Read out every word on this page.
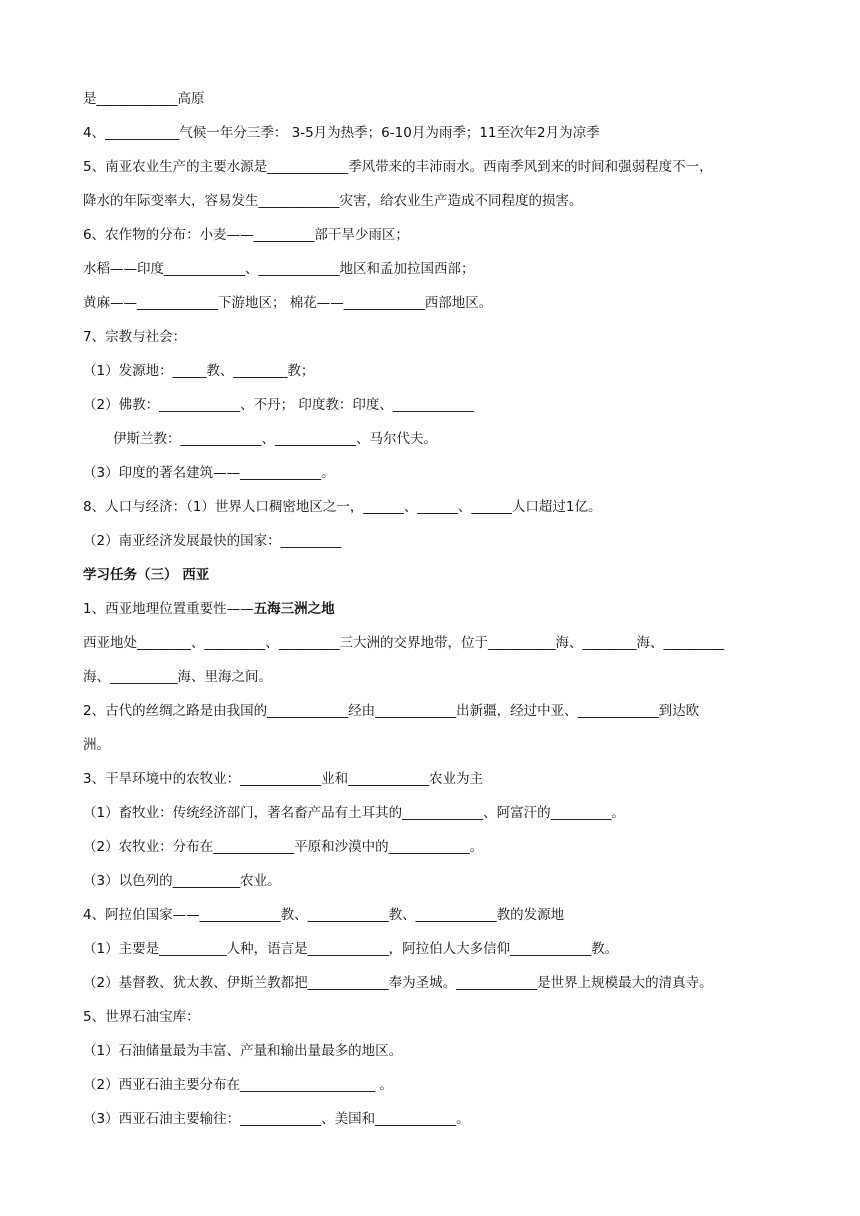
是____________高原
4、___________气候一年分三季： 3-5月为热季；6-10月为雨季；11至次年2月为凉季
5、南亚农业生产的主要水源是____________季风带来的丰沛雨水。西南季风到来的时间和强弱程度不一，
降水的年际变率大，容易发生____________灾害，给农业生产造成不同程度的损害。
6、农作物的分布：小麦——_________部干旱少雨区；
水稻——印度____________、____________地区和孟加拉国西部；
黄麻——____________下游地区； 棉花——____________西部地区。
7、宗教与社会：
（1）发源地：_____教、________教；
（2）佛教：____________、不丹； 印度教：印度、____________
伊斯兰教：____________、____________、马尔代夫。
（3）印度的著名建筑——____________。
8、人口与经济：（1）世界人口稠密地区之一，______、______、______人口超过1亿。
（2）南亚经济发展最快的国家：_________
学习任务（三） 西亚
1、西亚地理位置重要性——五海三洲之地
西亚地处________、_________、_________三大洲的交界地带，位于__________海、________海、_________
海、__________海、里海之间。
2、古代的丝绸之路是由我国的____________经由____________出新疆，经过中亚、____________到达欧
洲。
3、干旱环境中的农牧业：____________业和____________农业为主
（1）畜牧业：传统经济部门，著名畜产品有土耳其的____________、阿富汗的_________。
（2）农牧业：分布在____________平原和沙漠中的____________。
（3）以色列的__________农业。
4、阿拉伯国家——____________教、____________教、____________教的发源地
（1）主要是__________人种，语言是____________，阿拉伯人大多信仰____________教。
（2）基督教、犹太教、伊斯兰教都把____________奉为圣城。____________是世界上规模最大的清真寺。
5、世界石油宝库：
（1）石油储量最为丰富、产量和输出量最多的地区。
（2）西亚石油主要分布在____________________ 。
（3）西亚石油主要输往：____________、美国和____________。
